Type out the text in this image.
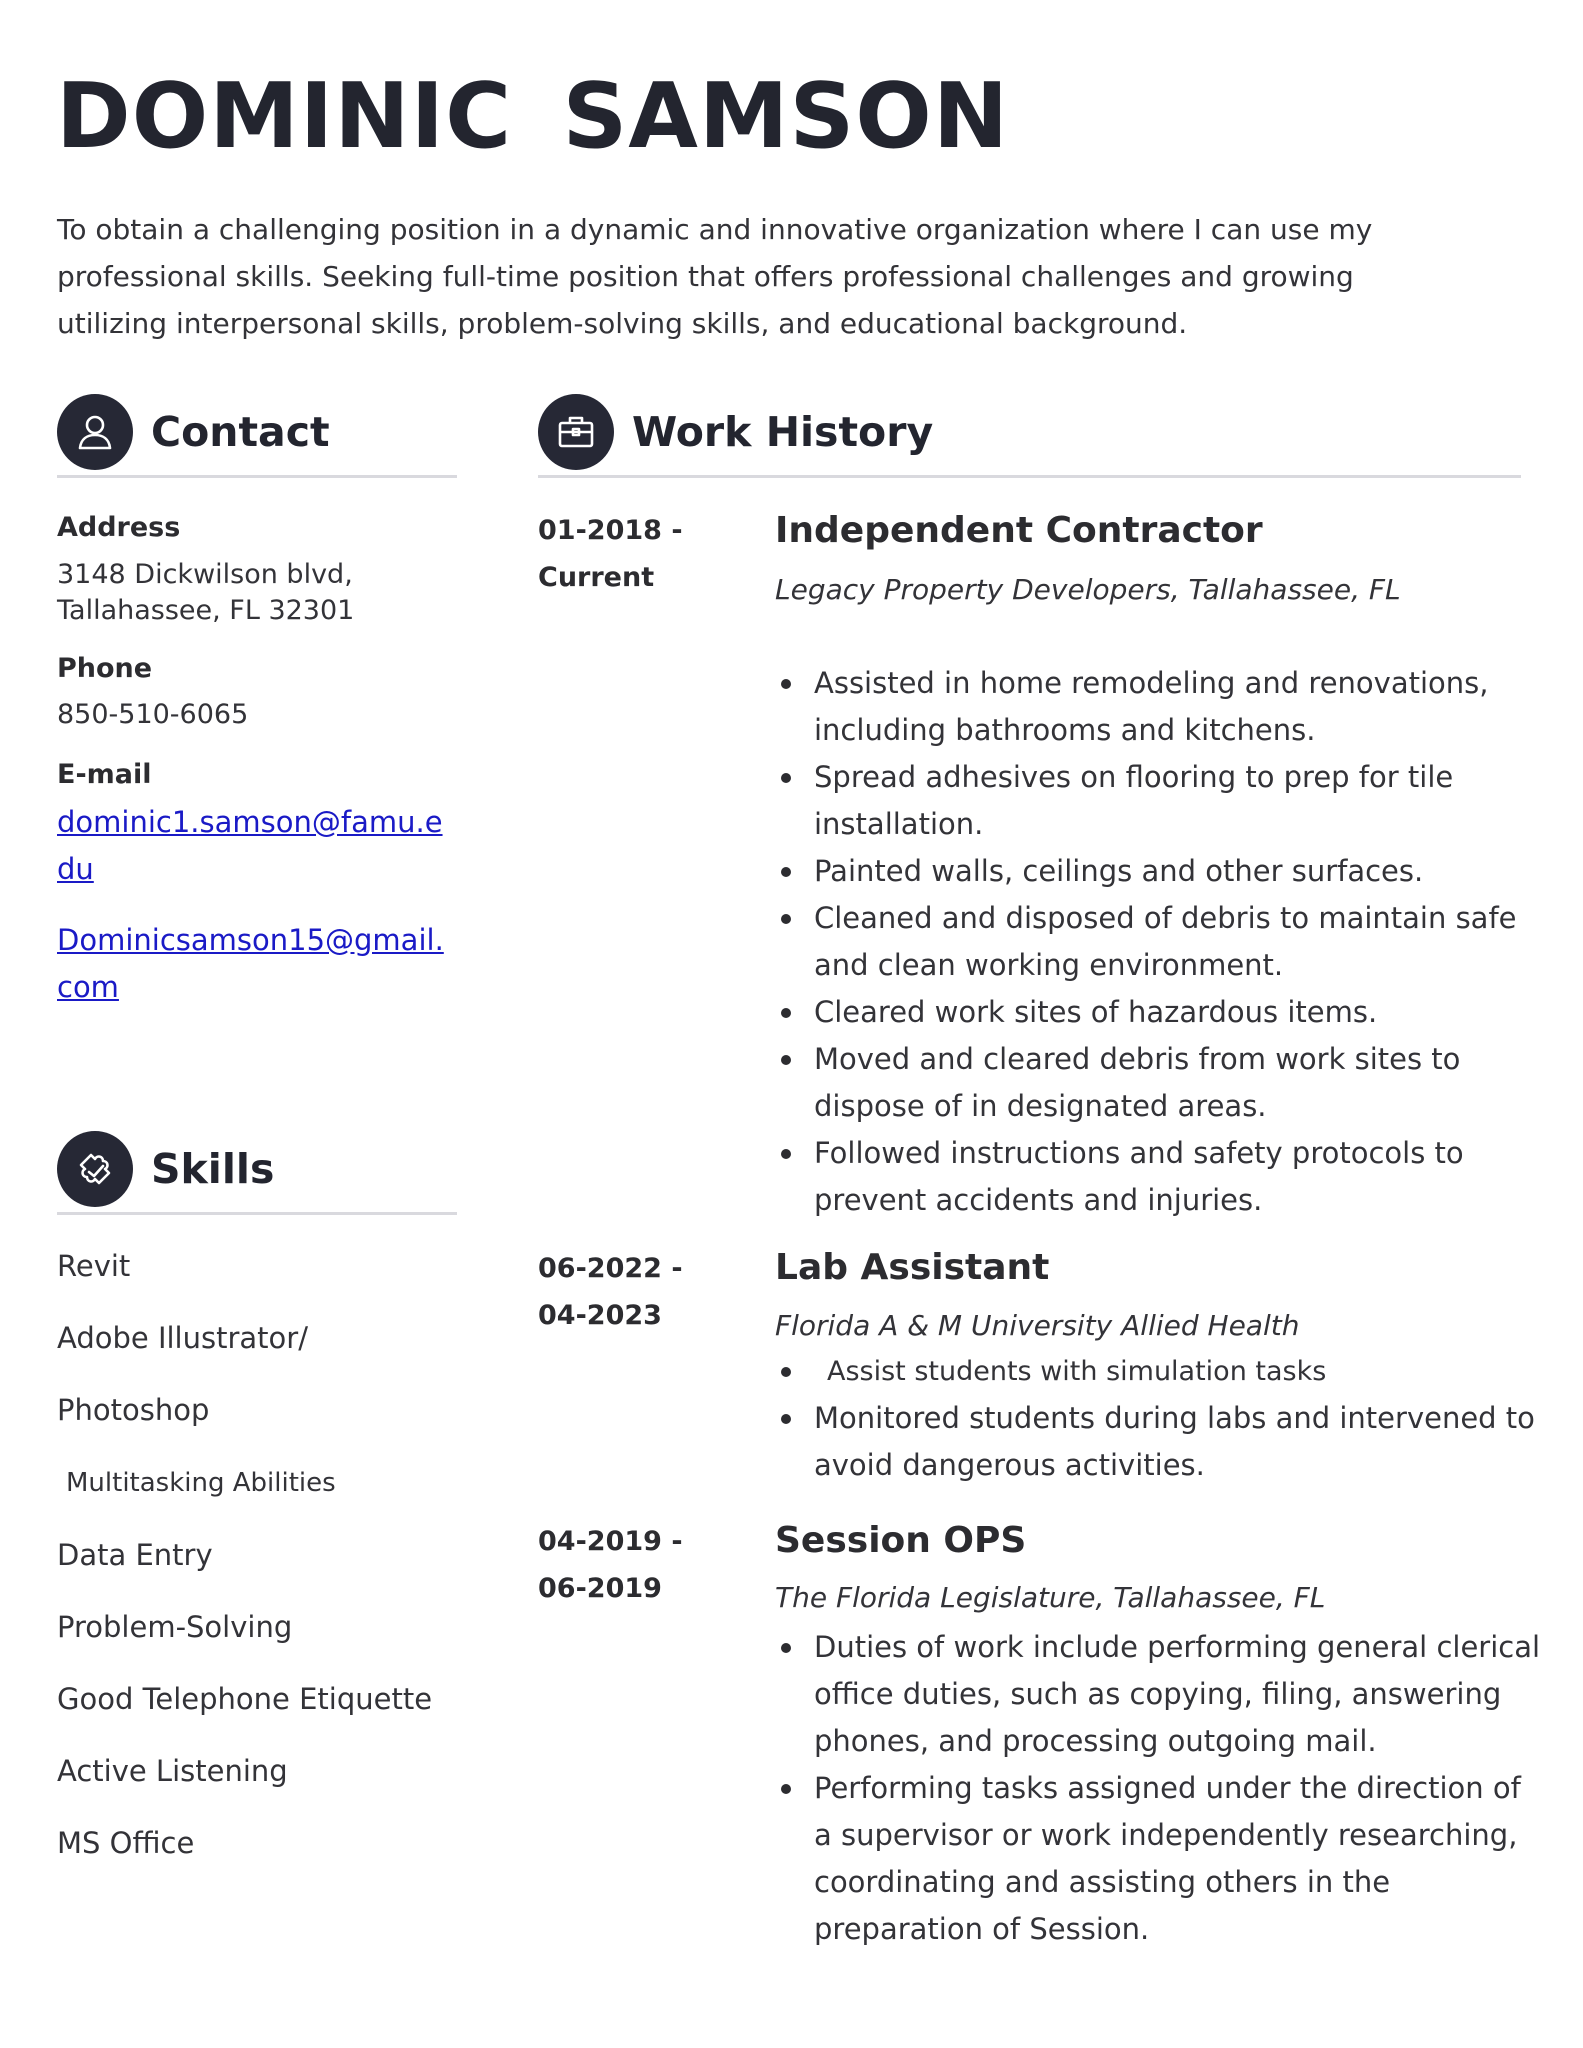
DOMINIC SAMSON

To obtain a challenging position in a dynamic and innovative organization where I can use my professional skills. Seeking full-time position that offers professional challenges and growing utilizing interpersonal skills, problem-solving skills, and educational background.

Contact
Address
3148 Dickwilson blvd,
Tallahassee, FL 32301
Phone
850-510-6065
E-mail
dominic1.samson@famu.edu
Dominicsamson15@gmail.com
Skills
Revit
Adobe Illustrator/
Photoshop
Multitasking Abilities
Data Entry
Problem-Solving
Good Telephone Etiquette
Active Listening
MS Office
Work History
01-2018 -
Current
Independent Contractor
Legacy Property Developers, Tallahassee, FL
Assisted in home remodeling and renovations, including bathrooms and kitchens.
Spread adhesives on flooring to prep for tile installation.
Painted walls, ceilings and other surfaces.
Cleaned and disposed of debris to maintain safe and clean working environment.
Cleared work sites of hazardous items.
Moved and cleared debris from work sites to dispose of in designated areas.
Followed instructions and safety protocols to prevent accidents and injuries.
06-2022 -
04-2023
Lab Assistant
Florida A & M University Allied Health
Assist students with simulation tasks
Monitored students during labs and intervened to avoid dangerous activities.
04-2019 -
06-2019
Session OPS
The Florida Legislature, Tallahassee, FL
Duties of work include performing general clerical office duties, such as copying, filing, answering phones, and processing outgoing mail.
Performing tasks assigned under the direction of a supervisor or work independently researching, coordinating and assisting others in the preparation of Session.
